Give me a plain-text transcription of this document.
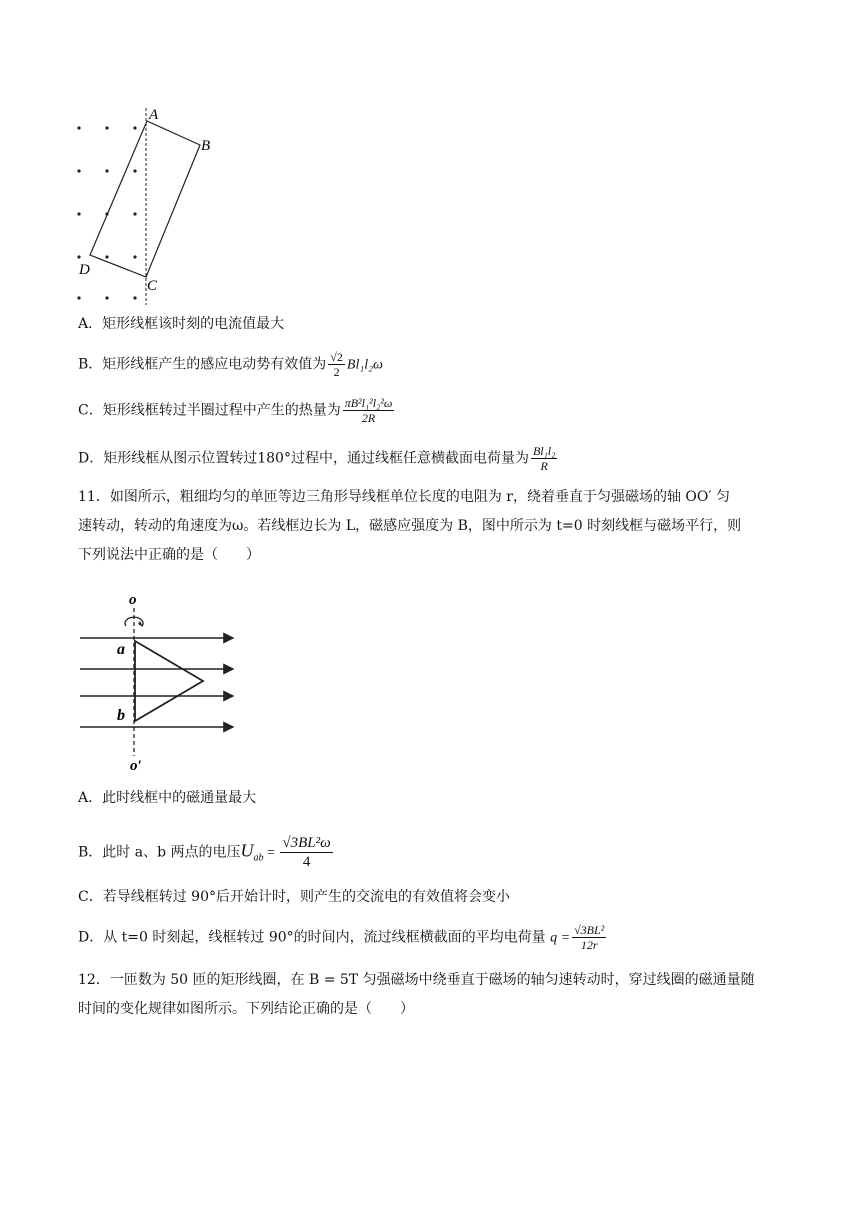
A
B
C
D
A．矩形线框该时刻的电流值最大
B．矩形线框产生的感应电动势有效值为 $\frac{√2}{2} Bl_1l_2\omega$
C．矩形线框转过半圈过程中产生的热量为 $\frac{\text{πB²l₁²l₂²ω}}{2R}$
D．矩形线框从图示位置转过180°过程中，通过线框任意横截面电荷量为 $\frac{\text{Bl₁l₂}}{R}$
11．如图所示，粗细均匀的单匝等边三角形导线框单位长度的电阻为 r，绕着垂直于匀强磁场的轴 OO′ 匀
速转动，转动的角速度为ω。若线框边长为 L，磁感应强度为 B，图中所示为 t=0 时刻线框与磁场平行，则
下列说法中正确的是（　　）
o
a
b
o′
A．此时线框中的磁通量最大
B．此时 a、b 两点的电压$U_{ab} = \frac{\text{√3BL²ω}}{4}$
C．若导线框转过 90°后开始计时，则产生的交流电的有效值将会变小
D．从 t=0 时刻起，线框转过 90°的时间内，流过线框横截面的平均电荷量 $q = \frac{\text{√3BL²}}{12r}$
12．一匝数为 50 匝的矩形线圈，在 B = 5T 匀强磁场中绕垂直于磁场的轴匀速转动时，穿过线圈的磁通量随
时间的变化规律如图所示。下列结论正确的是（　　）
